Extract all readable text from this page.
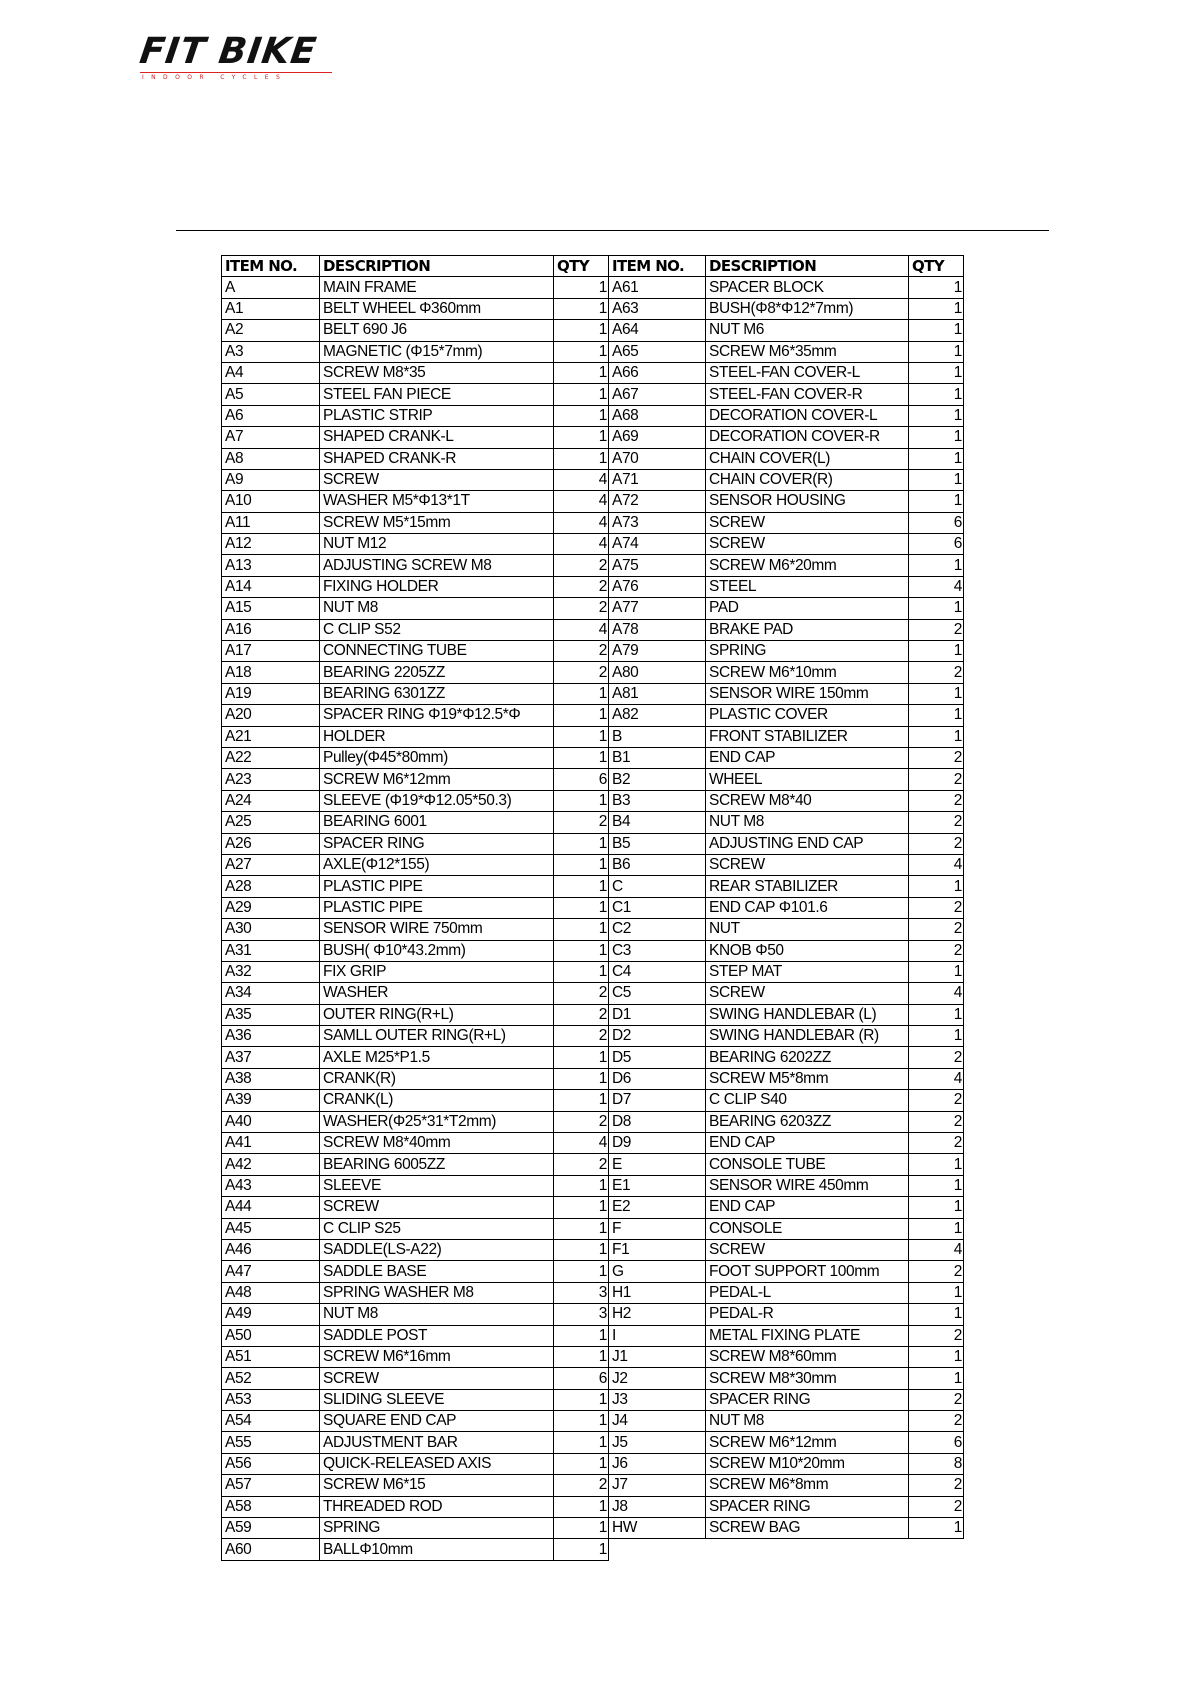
FIT BIKE
INDOOR CYCLES
ITEM NO.	DESCRIPTION	QTY
A	MAIN FRAME	1
A1	BELT WHEEL Φ360mm	1
A2	BELT 690 J6	1
A3	MAGNETIC (Φ15*7mm)	1
A4	SCREW M8*35	1
A5	STEEL FAN PIECE	1
A6	PLASTIC STRIP	1
A7	SHAPED CRANK-L	1
A8	SHAPED CRANK-R	1
A9	SCREW	4
A10	WASHER M5*Φ13*1T	4
A11	SCREW M5*15mm	4
A12	NUT M12	4
A13	ADJUSTING SCREW M8	2
A14	FIXING HOLDER	2
A15	NUT M8	2
A16	C CLIP S52	4
A17	CONNECTING TUBE	2
A18	BEARING 2205ZZ	2
A19	BEARING 6301ZZ	1
A20	SPACER RING Φ19*Φ12.5*Φ	1
A21	HOLDER	1
A22	Pulley(Φ45*80mm)	1
A23	SCREW M6*12mm	6
A24	SLEEVE (Φ19*Φ12.05*50.3)	1
A25	BEARING 6001	2
A26	SPACER RING	1
A27	AXLE(Φ12*155)	1
A28	PLASTIC PIPE	1
A29	PLASTIC PIPE	1
A30	SENSOR WIRE 750mm	1
A31	BUSH( Φ10*43.2mm)	1
A32	FIX GRIP	1
A34	WASHER	2
A35	OUTER RING(R+L)	2
A36	SAMLL OUTER RING(R+L)	2
A37	AXLE M25*P1.5	1
A38	CRANK(R)	1
A39	CRANK(L)	1
A40	WASHER(Φ25*31*T2mm)	2
A41	SCREW M8*40mm	4
A42	BEARING 6005ZZ	2
A43	SLEEVE	1
A44	SCREW	1
A45	C CLIP S25	1
A46	SADDLE(LS-A22)	1
A47	SADDLE BASE	1
A48	SPRING WASHER M8	3
A49	NUT M8	3
A50	SADDLE POST	1
A51	SCREW M6*16mm	1
A52	SCREW	6
A53	SLIDING SLEEVE	1
A54	SQUARE END CAP	1
A55	ADJUSTMENT BAR	1
A56	QUICK-RELEASED AXIS	1
A57	SCREW M6*15	2
A58	THREADED ROD	1
A59	SPRING	1
A60	BALLΦ10mm	1
ITEM NO.	DESCRIPTION	QTY
A61	SPACER BLOCK	1
A63	BUSH(Φ8*Φ12*7mm)	1
A64	NUT M6	1
A65	SCREW M6*35mm	1
A66	STEEL-FAN COVER-L	1
A67	STEEL-FAN COVER-R	1
A68	DECORATION COVER-L	1
A69	DECORATION COVER-R	1
A70	CHAIN COVER(L)	1
A71	CHAIN COVER(R)	1
A72	SENSOR HOUSING	1
A73	SCREW	6
A74	SCREW	6
A75	SCREW M6*20mm	1
A76	STEEL	4
A77	PAD	1
A78	BRAKE PAD	2
A79	SPRING	1
A80	SCREW M6*10mm	2
A81	SENSOR WIRE 150mm	1
A82	PLASTIC COVER	1
B	FRONT STABILIZER	1
B1	END CAP	2
B2	WHEEL	2
B3	SCREW M8*40	2
B4	NUT M8	2
B5	ADJUSTING END CAP	2
B6	SCREW	4
C	REAR STABILIZER	1
C1	END CAP Φ101.6	2
C2	NUT	2
C3	KNOB Φ50	2
C4	STEP MAT	1
C5	SCREW	4
D1	SWING HANDLEBAR (L)	1
D2	SWING HANDLEBAR (R)	1
D5	BEARING 6202ZZ	2
D6	SCREW M5*8mm	4
D7	C CLIP S40	2
D8	BEARING 6203ZZ	2
D9	END CAP	2
E	CONSOLE TUBE	1
E1	SENSOR WIRE 450mm	1
E2	END CAP	1
F	CONSOLE	1
F1	SCREW	4
G	FOOT SUPPORT 100mm	2
H1	PEDAL-L	1
H2	PEDAL-R	1
I	METAL FIXING PLATE	2
J1	SCREW M8*60mm	1
J2	SCREW M8*30mm	1
J3	SPACER RING	2
J4	NUT M8	2
J5	SCREW M6*12mm	6
J6	SCREW M10*20mm	8
J7	SCREW M6*8mm	2
J8	SPACER RING	2
HW	SCREW BAG	1
